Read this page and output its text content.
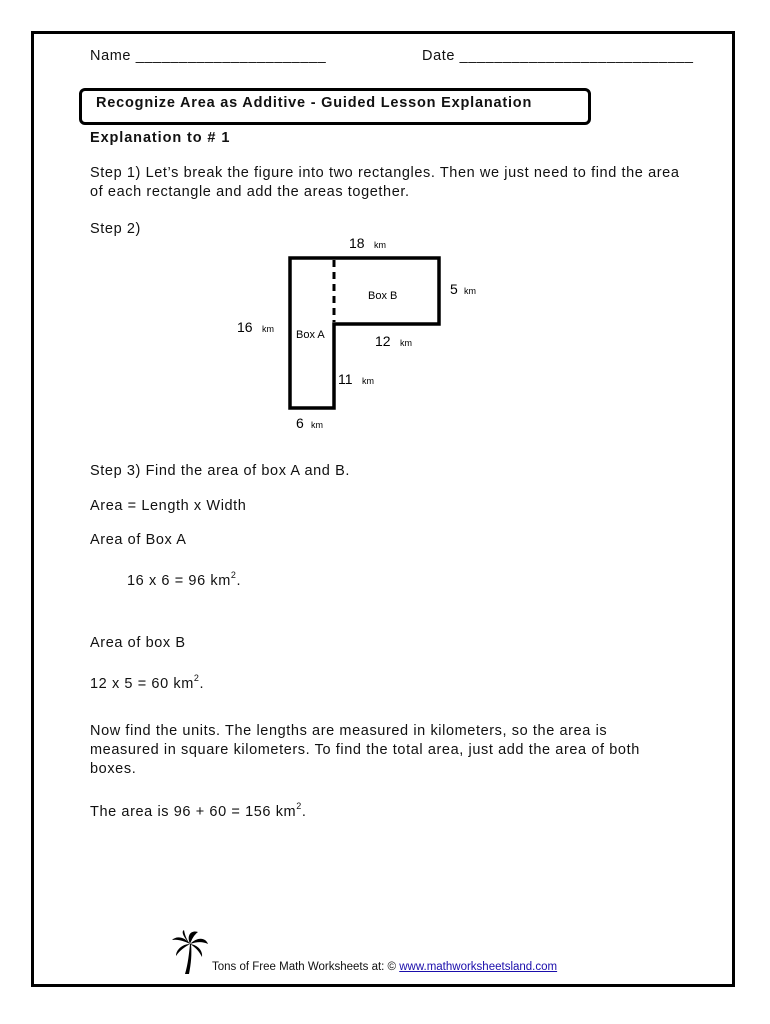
Name ______________________	Date ___________________________
Recognize Area as Additive - Guided Lesson Explanation
Explanation to # 1
Step 1) Let’s break the figure into two rectangles. Then we just need to find the area of each rectangle and add the areas together.
Step 2)
Box A
Box B
18 km
5 km
16 km
12 km
11 km
6 km
Step 3) Find the area of box A and B.
Area = Length x Width
Area of Box A
16 x 6 = 96 $km^2$.
Area of box B
12 x 5 = 60 $km^2$.
Now find the units. The lengths are measured in kilometers, so the area is measured in square kilometers. To find the total area, just add the area of both boxes.
The area is 96 + 60 = 156 $km^2$.
Tons of Free Math Worksheets at: © www.mathworksheetsland.com
